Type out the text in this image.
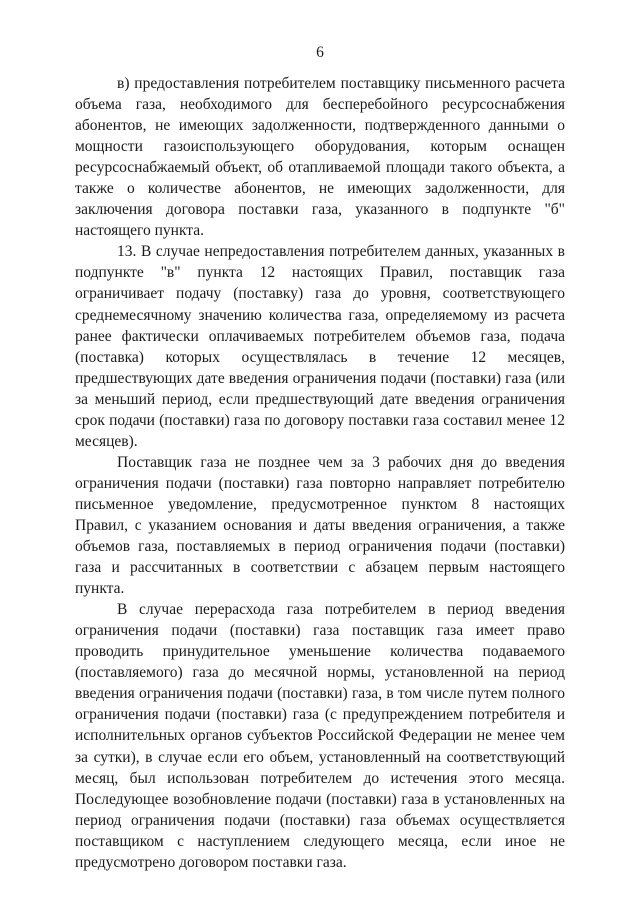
6

в) предоставления потребителем поставщику письменного расчета объема газа, необходимого для бесперебойного ресурсоснабжения абонентов, не имеющих задолженности, подтвержденного данными о мощности газоиспользующего оборудования, которым оснащен ресурсоснабжаемый объект, об отапливаемой площади такого объекта, а также о количестве абонентов, не имеющих задолженности, для заключения договора поставки газа, указанного в подпункте "б" настоящего пункта.

13. В случае непредоставления потребителем данных, указанных в подпункте "в" пункта 12 настоящих Правил, поставщик газа ограничивает подачу (поставку) газа до уровня, соответствующего среднемесячному значению количества газа, определяемому из расчета ранее фактически оплачиваемых потребителем объемов газа, подача (поставка) которых осуществлялась в течение 12 месяцев, предшествующих дате введения ограничения подачи (поставки) газа (или за меньший период, если предшествующий дате введения ограничения срок подачи (поставки) газа по договору поставки газа составил менее 12 месяцев).

Поставщик газа не позднее чем за 3 рабочих дня до введения ограничения подачи (поставки) газа повторно направляет потребителю письменное уведомление, предусмотренное пунктом 8 настоящих Правил, с указанием основания и даты введения ограничения, а также объемов газа, поставляемых в период ограничения подачи (поставки) газа и рассчитанных в соответствии с абзацем первым настоящего пункта.

В случае перерасхода газа потребителем в период введения ограничения подачи (поставки) газа поставщик газа имеет право проводить принудительное уменьшение количества подаваемого (поставляемого) газа до месячной нормы, установленной на период введения ограничения подачи (поставки) газа, в том числе путем полного ограничения подачи (поставки) газа (с предупреждением потребителя и исполнительных органов субъектов Российской Федерации не менее чем за сутки), в случае если его объем, установленный на соответствующий месяц, был использован потребителем до истечения этого месяца. Последующее возобновление подачи (поставки) газа в установленных на период ограничения подачи (поставки) газа объемах осуществляется поставщиком с наступлением следующего месяца, если иное не предусмотрено договором поставки газа.
